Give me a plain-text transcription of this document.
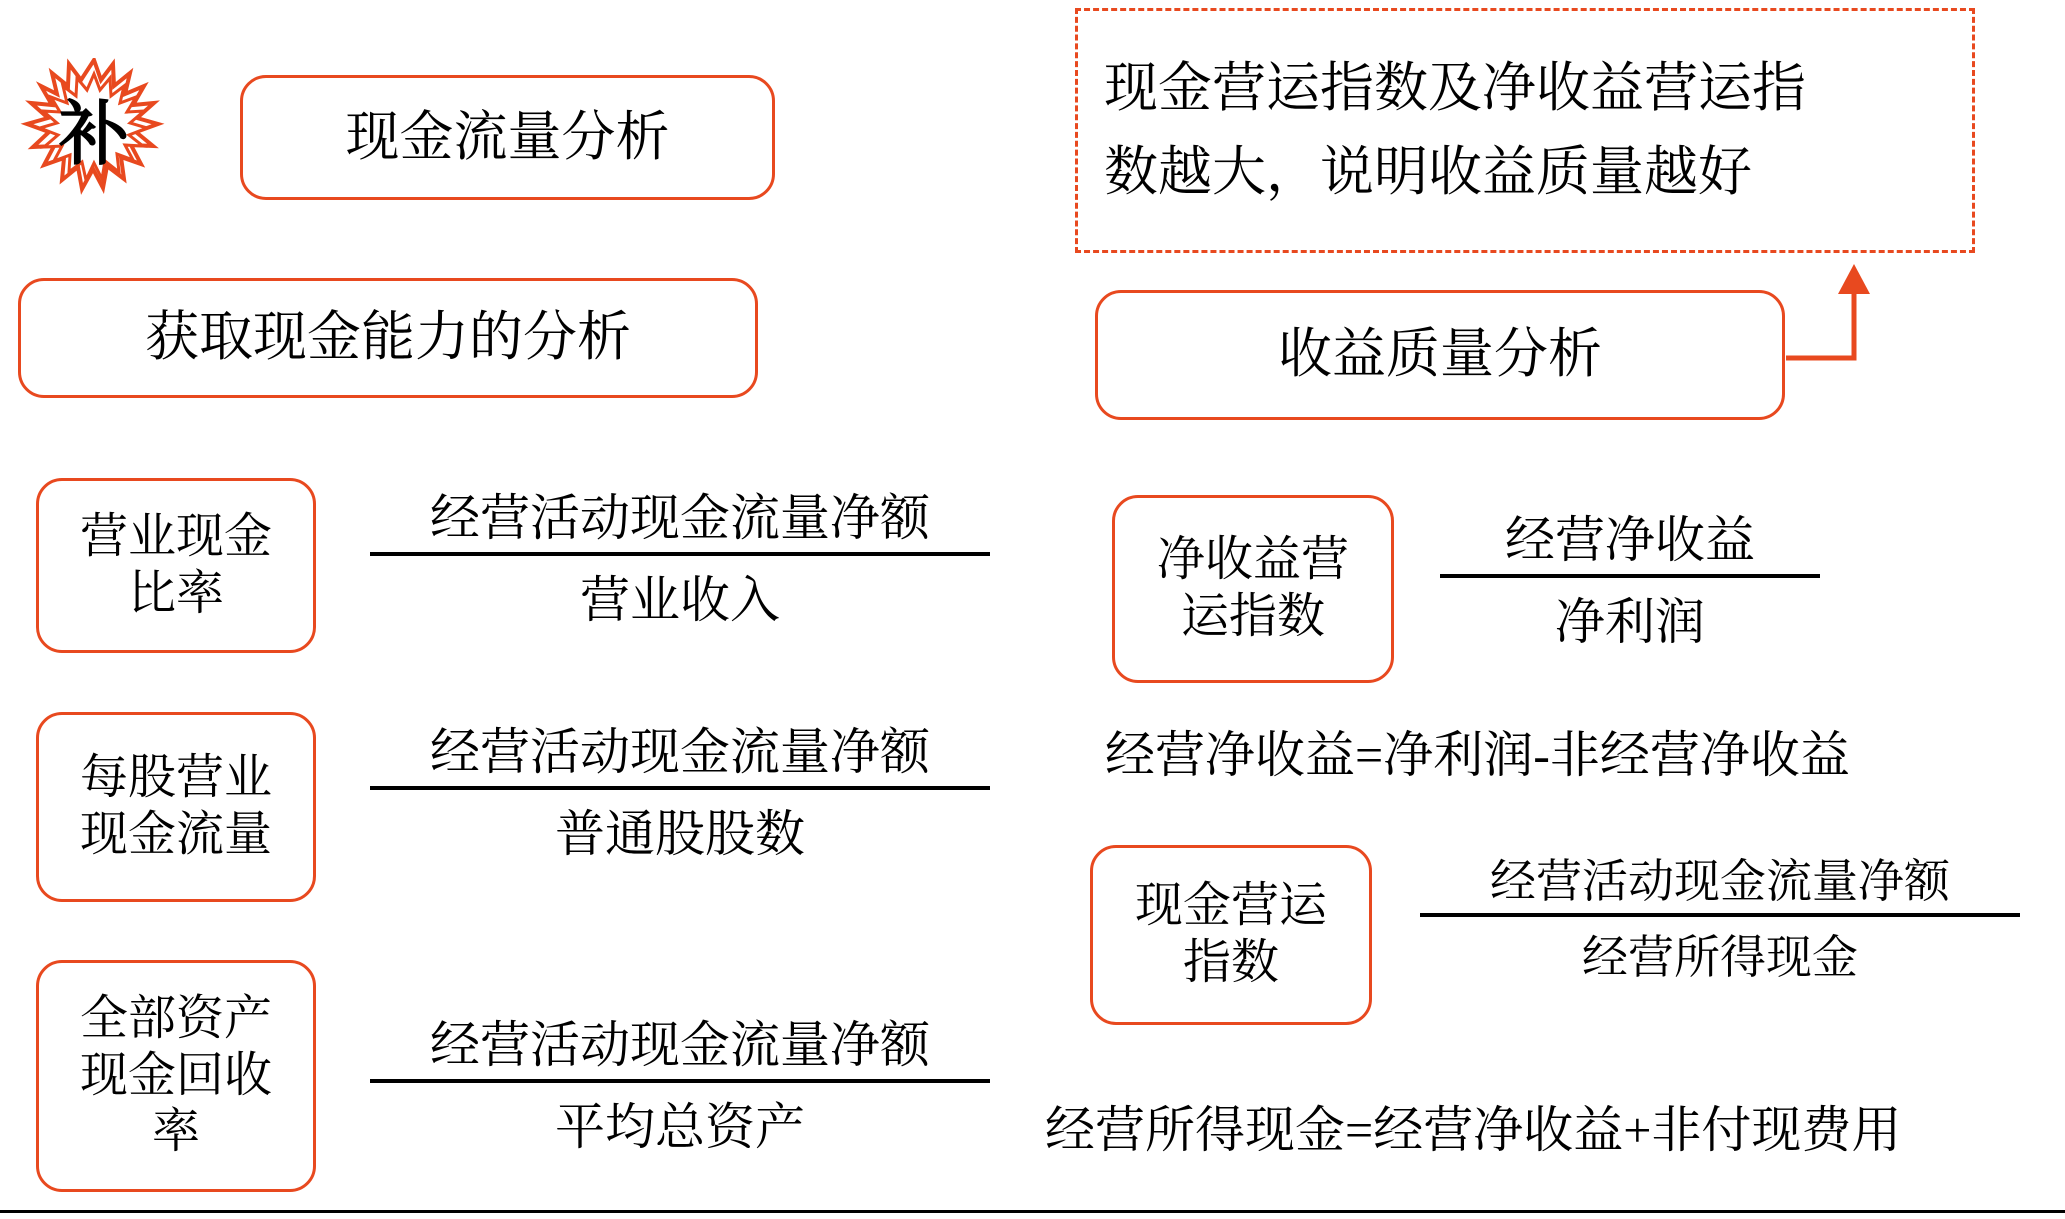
补	现金流量分析
获取现金能力的分析
营业现金
比率
经营活动现金流量净额
营业收入
每股营业
现金流量
经营活动现金流量净额
普通股股数
全部资产
现金回收
率
经营活动现金流量净额
平均总资产
现金营运指数及净收益营运指
数越大，说明收益质量越好
收益质量分析
净收益营
运指数
经营净收益
净利润
经营净收益=净利润-非经营净收益
现金营运
指数
经营活动现金流量净额
经营所得现金
经营所得现金=经营净收益+非付现费用
